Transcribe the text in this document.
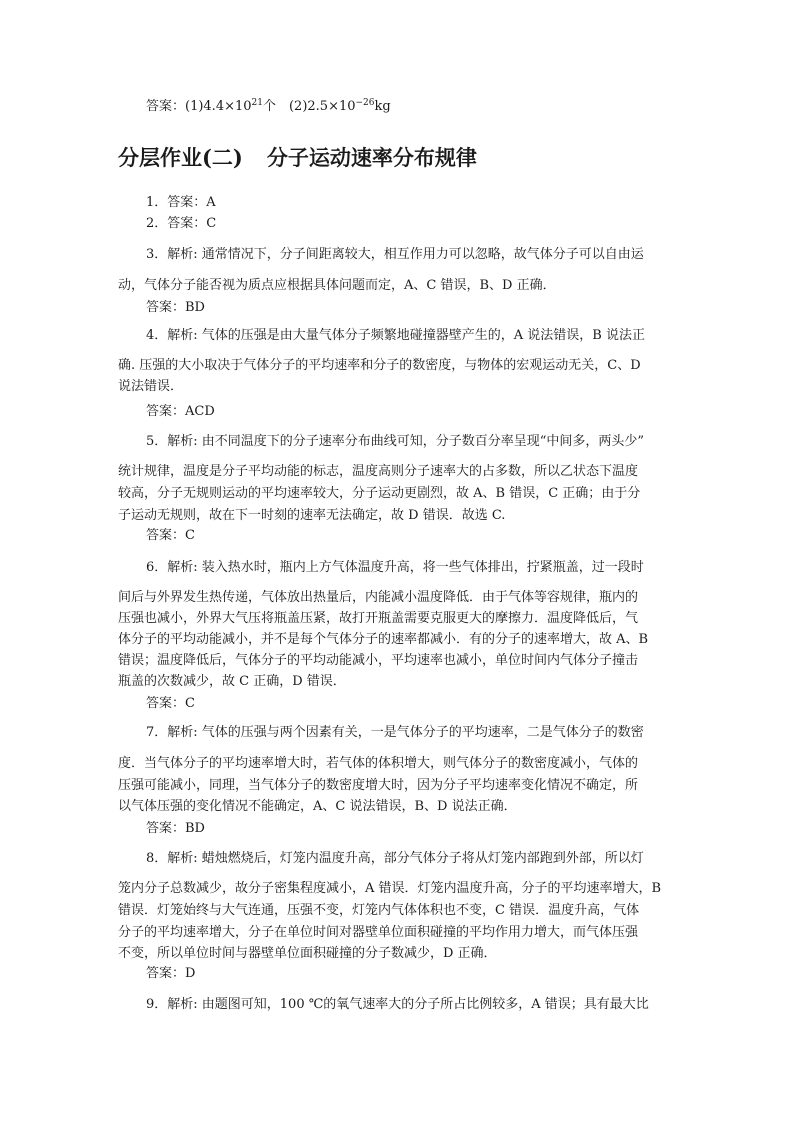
答案：$(1)4.4\times 10^{21}$个　$(2)2.5\times 10^{-26}kg$
分层作业(二) 分子运动速率分布规律
1．答案：A
2．答案：C
3．解析: 通常情况下，分子间距离较大，相互作用力可以忽略，故气体分子可以自由运
动，气体分子能否视为质点应根据具体问题而定，A、C 错误，B、D 正确．
答案：BD
4．解析: 气体的压强是由大量气体分子频繁地碰撞器壁产生的，A 说法错误，B 说法正
确. 压强的大小取决于气体分子的平均速率和分子的数密度，与物体的宏观运动无关，C、D
说法错误．
答案：ACD
5．解析: 由不同温度下的分子速率分布曲线可知，分子数百分率呈现“中间多，两头少”
统计规律，温度是分子平均动能的标志，温度高则分子速率大的占多数，所以乙状态下温度
较高，分子无规则运动的平均速率较大，分子运动更剧烈，故 A、B 错误，C 正确；由于分
子运动无规则，故在下一时刻的速率无法确定，故 D 错误．故选 C.
答案：C
6．解析: 装入热水时，瓶内上方气体温度升高，将一些气体排出，拧紧瓶盖，过一段时
间后与外界发生热传递，气体放出热量后，内能减小温度降低．由于气体等容规律，瓶内的
压强也减小，外界大气压将瓶盖压紧，故打开瓶盖需要克服更大的摩擦力．温度降低后，气
体分子的平均动能减小，并不是每个气体分子的速率都减小．有的分子的速率增大，故 A、B
错误；温度降低后，气体分子的平均动能减小，平均速率也减小，单位时间内气体分子撞击
瓶盖的次数减少，故 C 正确，D 错误．
答案：C
7．解析: 气体的压强与两个因素有关，一是气体分子的平均速率，二是气体分子的数密
度．当气体分子的平均速率增大时，若气体的体积增大，则气体分子的数密度减小，气体的
压强可能减小，同理，当气体分子的数密度增大时，因为分子平均速率变化情况不确定，所
以气体压强的变化情况不能确定，A、C 说法错误，B、D 说法正确．
答案：BD
8．解析: 蜡烛燃烧后，灯笼内温度升高，部分气体分子将从灯笼内部跑到外部，所以灯
笼内分子总数减少，故分子密集程度减小，A 错误．灯笼内温度升高，分子的平均速率增大，B
错误．灯笼始终与大气连通，压强不变，灯笼内气体体积也不变，C 错误．温度升高，气体
分子的平均速率增大，分子在单位时间对器壁单位面积碰撞的平均作用力增大，而气体压强
不变，所以单位时间与器壁单位面积碰撞的分子数减少，D 正确．
答案：D
9．解析: 由题图可知，100 ℃的氧气速率大的分子所占比例较多，A 错误；具有最大比
